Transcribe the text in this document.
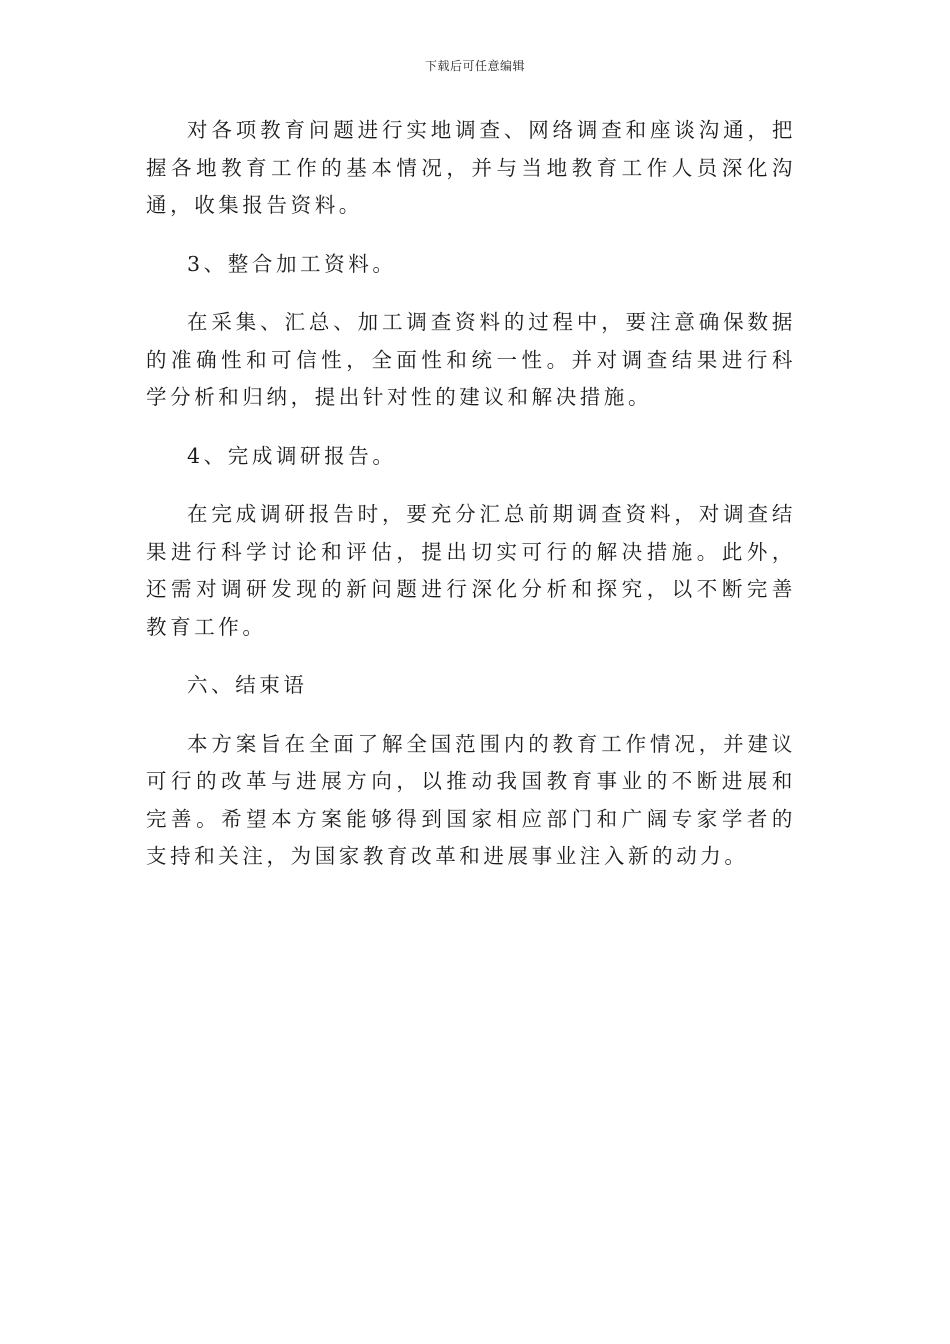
下载后可任意编辑

对各项教育问题进行实地调查、网络调查和座谈沟通，把握各地教育工作的基本情况，并与当地教育工作人员深化沟通，收集报告资料。

3、整合加工资料。

在采集、汇总、加工调查资料的过程中，要注意确保数据的准确性和可信性，全面性和统一性。并对调查结果进行科学分析和归纳，提出针对性的建议和解决措施。

4、完成调研报告。

在完成调研报告时，要充分汇总前期调查资料，对调查结果进行科学讨论和评估，提出切实可行的解决措施。此外，还需对调研发现的新问题进行深化分析和探究，以不断完善教育工作。

六、结束语

本方案旨在全面了解全国范围内的教育工作情况，并建议可行的改革与进展方向，以推动我国教育事业的不断进展和完善。希望本方案能够得到国家相应部门和广阔专家学者的支持和关注，为国家教育改革和进展事业注入新的动力。
